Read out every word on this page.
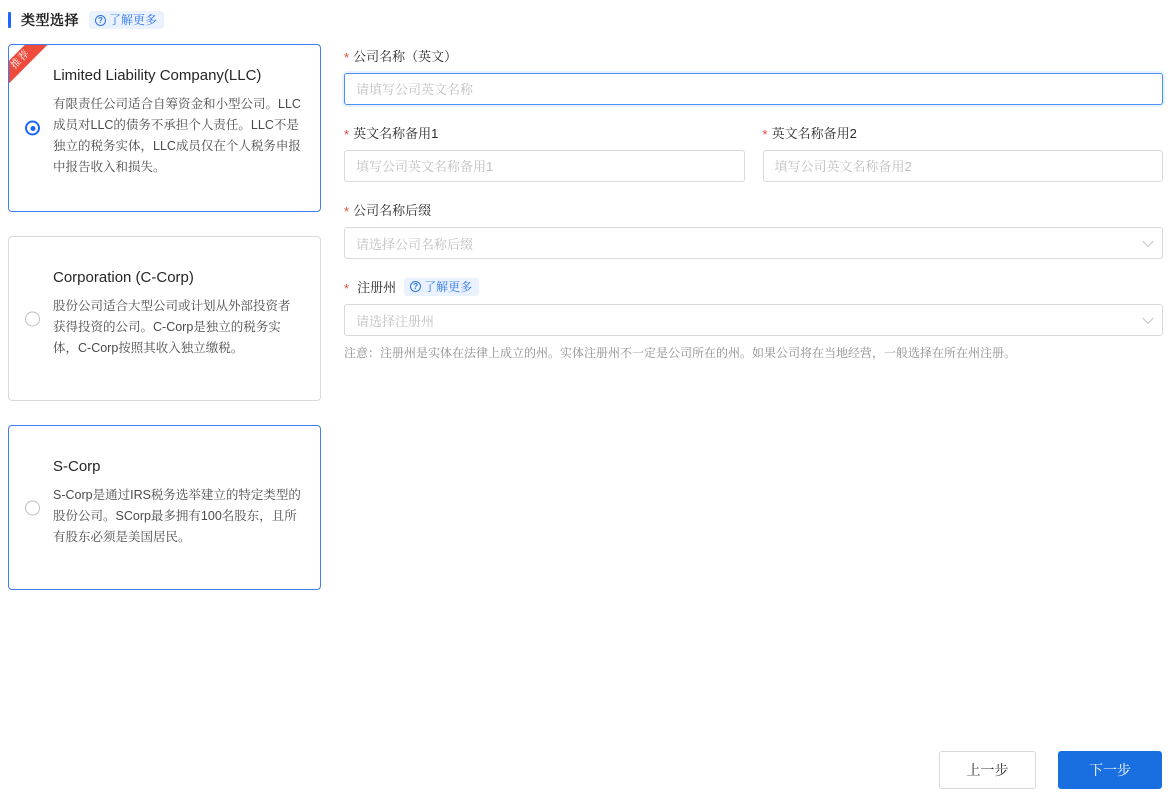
类型选择	? 了解更多
推荐
Limited Liability Company(LLC)
有限责任公司适合自筹资金和小型公司。LLC成员对LLC的债务不承担个人责任。LLC不是独立的税务实体，LLC成员仅在个人税务申报中报告收入和损失。
Corporation (C-Corp)
股份公司适合大型公司或计划从外部投资者获得投资的公司。C-Corp是独立的税务实体，C-Corp按照其收入独立缴税。
S-Corp
S-Corp是通过IRS税务选举建立的特定类型的股份公司。SCorp最多拥有100名股东，且所有股东必须是美国居民。
* 公司名称（英文）
请填写公司英文名称
* 英文名称备用1
填写公司英文名称备用1	* 英文名称备用2
填写公司英文名称备用2
* 公司名称后缀
请选择公司名称后缀
* 注册州	? 了解更多
请选择注册州
注意：注册州是实体在法律上成立的州。实体注册州不一定是公司所在的州。如果公司将在当地经营，一般选择在所在州注册。
上一步	下一步
